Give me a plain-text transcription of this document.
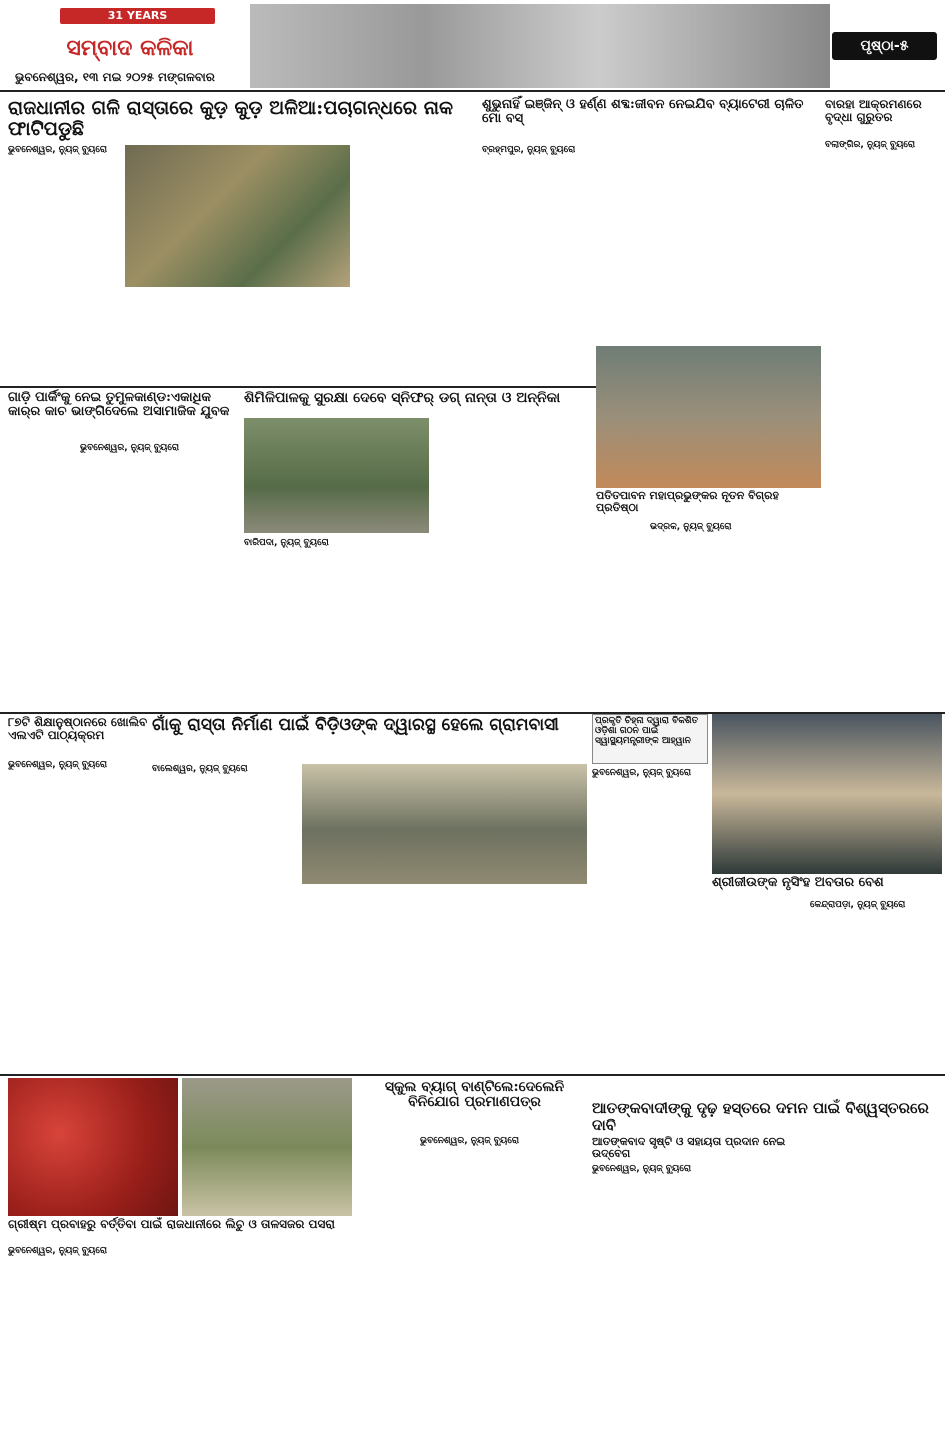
31 YEARS
ସମ୍ବାଦ କଳିକା
ଭୁବନେଶ୍ୱର, ୧୩ ମଇ ୨୦୨୫ ମଙ୍ଗଳବାର
ପୃଷ୍ଠା-୫
ରାଜଧାନୀର ଗଳି ରାସ୍ତାରେ କୁଡ଼ କୁଡ଼ ଅଳିଆ:ପଚାଗନ୍ଧରେ ନାକ ଫାଟିପଡୁଛି
ଭୁବନେଶ୍ୱର, ନ୍ୟୁଜ୍ ବ୍ୟୁରୋ
ଶୁଭୁନାହିଁ ଇଞ୍ଜିନ୍ ଓ ହର୍ଣ୍ଣ ଶବ୍ଦ:ଜୀବନ ନେଇଯିବ ବ୍ୟାଟେରୀ ଚାଳିତ ମୋ ବସ୍
ବ୍ରହ୍ମପୁର, ନ୍ୟୁଜ୍ ବ୍ୟୁରୋ
ବାରହା ଆକ୍ରମଣରେ ବୃଦ୍ଧା ଗୁରୁତର
ବଲାଙ୍ଗିର, ନ୍ୟୁଜ୍ ବ୍ୟୁରୋ
ଗାଡ଼ି ପାର୍କିଂକୁ ନେଇ ତୁମୁଳକାଣ୍ଡ:ଏକାଧିକ କାର୍‌ର କାଚ ଭାଙ୍ଗିଦେଲେ ଅସାମାଜିକ ଯୁବକ
ଭୁବନେଶ୍ୱର, ନ୍ୟୁଜ୍ ବ୍ୟୁରୋ
ଶିମିଳିପାଳକୁ ସୁରକ୍ଷା ଦେବେ ସ୍ନିଫର୍ ଡଗ୍ ନାନ୍ତା ଓ ଅନ୍ନିକା
ବାରିପଦା, ନ୍ୟୁଜ୍ ବ୍ୟୁରୋ
ପତିତପାବନ ମହାପ୍ରଭୁଙ୍କର ନୂତନ ବିଗ୍ରହ ପ୍ରତିଷ୍ଠା
ଭଦ୍ରକ, ନ୍ୟୁଜ୍ ବ୍ୟୁରୋ
୮୭ଟି ଶିକ୍ଷାନୁଷ୍ଠାନରେ ଖୋଲିବ ଏଲଏଟି ପାଠ୍ୟକ୍ରମ
ଭୁବନେଶ୍ୱର, ନ୍ୟୁଜ୍ ବ୍ୟୁରୋ
ଗାଁକୁ ରାସ୍ତା ନିର୍ମାଣ ପାଇଁ ବିଡ଼ିଓଙ୍କ ଦ୍ୱାରସ୍ଥ ହେଲେ ଗ୍ରାମବାସୀ
ବାଲେଶ୍ୱର, ନ୍ୟୁଜ୍ ବ୍ୟୁରୋ
ପ୍ରକୃତି ଚିହ୍ନା ଦ୍ୱାରା ବିକଶିତ ଓଡ଼ିଶା ଗଠନ ପାଇଁ ସ୍ୱାସ୍ଥ୍ୟମନ୍ତ୍ରୀଙ୍କ ଆହ୍ୱାନ
ଭୁବନେଶ୍ୱର, ନ୍ୟୁଜ୍ ବ୍ୟୁରୋ
ଶ୍ରୀଜୀଉଙ୍କ ନୃସିଂହ ଅବତାର ବେଶ
କେନ୍ଦ୍ରାପଡ଼ା, ନ୍ୟୁଜ୍ ବ୍ୟୁରୋ
ଗ୍ରୀଷ୍ମ ପ୍ରବାହରୁ ବର୍ତ୍ତିବା ପାଇଁ ରାଜଧାନୀରେ ଲିଚୁ ଓ ତାଳସଜର ପସରା
ଭୁବନେଶ୍ୱର, ନ୍ୟୁଜ୍ ବ୍ୟୁରୋ
ସ୍କୁଲ ବ୍ୟାଗ୍ ବାଣ୍ଟିଲେ:ଦେଲେନି ବିନିଯୋଗ ପ୍ରମାଣପତ୍ର
ଭୁବନେଶ୍ୱର, ନ୍ୟୁଜ୍ ବ୍ୟୁରୋ
ଆତଙ୍କବାଦୀଙ୍କୁ ଦୃଢ଼ ହସ୍ତରେ ଦମନ ପାଇଁ ବିଶ୍ୱସ୍ତରରେ ଦାବି
ଆତଙ୍କବାଦ ସୃଷ୍ଟି ଓ ସହାୟତା ପ୍ରଦାନ ନେଇ ଉଦ୍‌ବେଗ
ଭୁବନେଶ୍ୱର, ନ୍ୟୁଜ୍ ବ୍ୟୁରୋ
